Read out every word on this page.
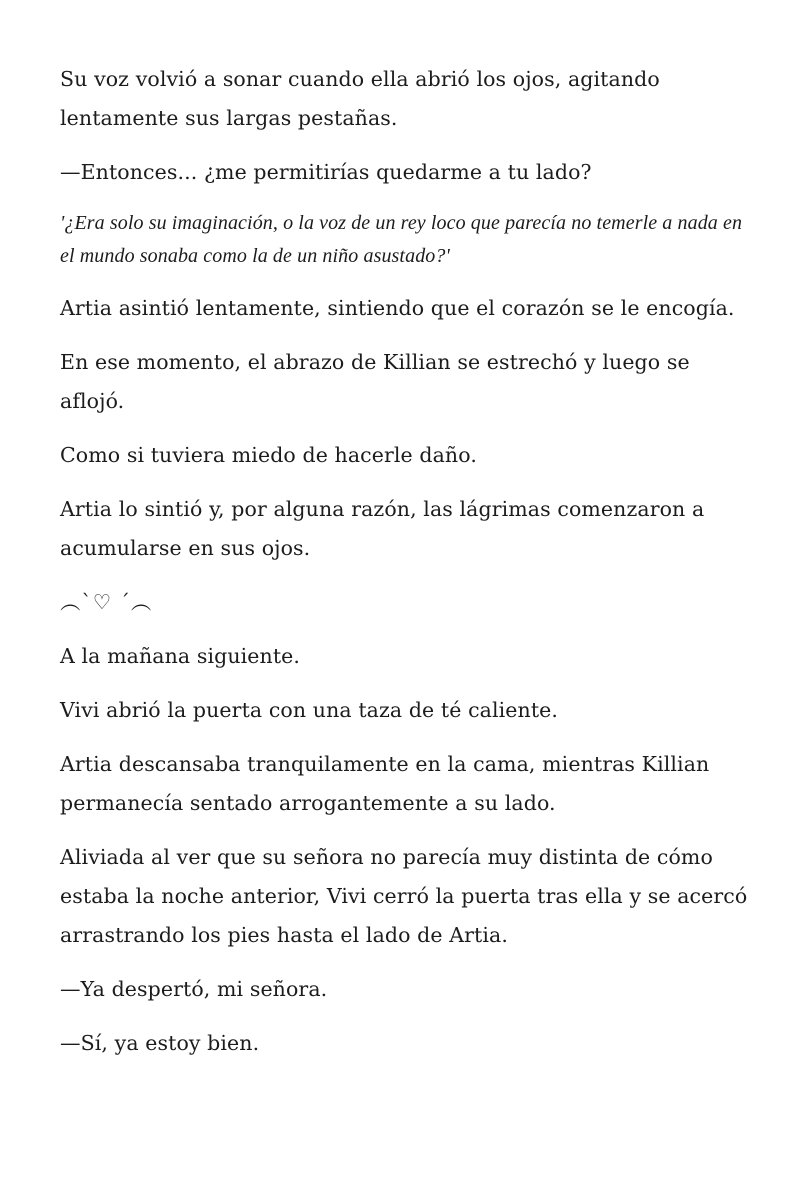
Su voz volvió a sonar cuando ella abrió los ojos, agitando lentamente sus largas pestañas.

—Entonces... ¿me permitirías quedarme a tu lado?

'¿Era solo su imaginación, o la voz de un rey loco que parecía no temerle a nada en el mundo sonaba como la de un niño asustado?'

Artia asintió lentamente, sintiendo que el corazón se le encogía.

En ese momento, el abrazo de Killian se estrechó y luego se aflojó.

Como si tuviera miedo de hacerle daño.

Artia lo sintió y, por alguna razón, las lágrimas comenzaron a acumularse en sus ojos.

︵`♡ ´︵

A la mañana siguiente.

Vivi abrió la puerta con una taza de té caliente.

Artia descansaba tranquilamente en la cama, mientras Killian permanecía sentado arrogantemente a su lado.

Aliviada al ver que su señora no parecía muy distinta de cómo estaba la noche anterior, Vivi cerró la puerta tras ella y se acercó arrastrando los pies hasta el lado de Artia.

—Ya despertó, mi señora.

—Sí, ya estoy bien.
